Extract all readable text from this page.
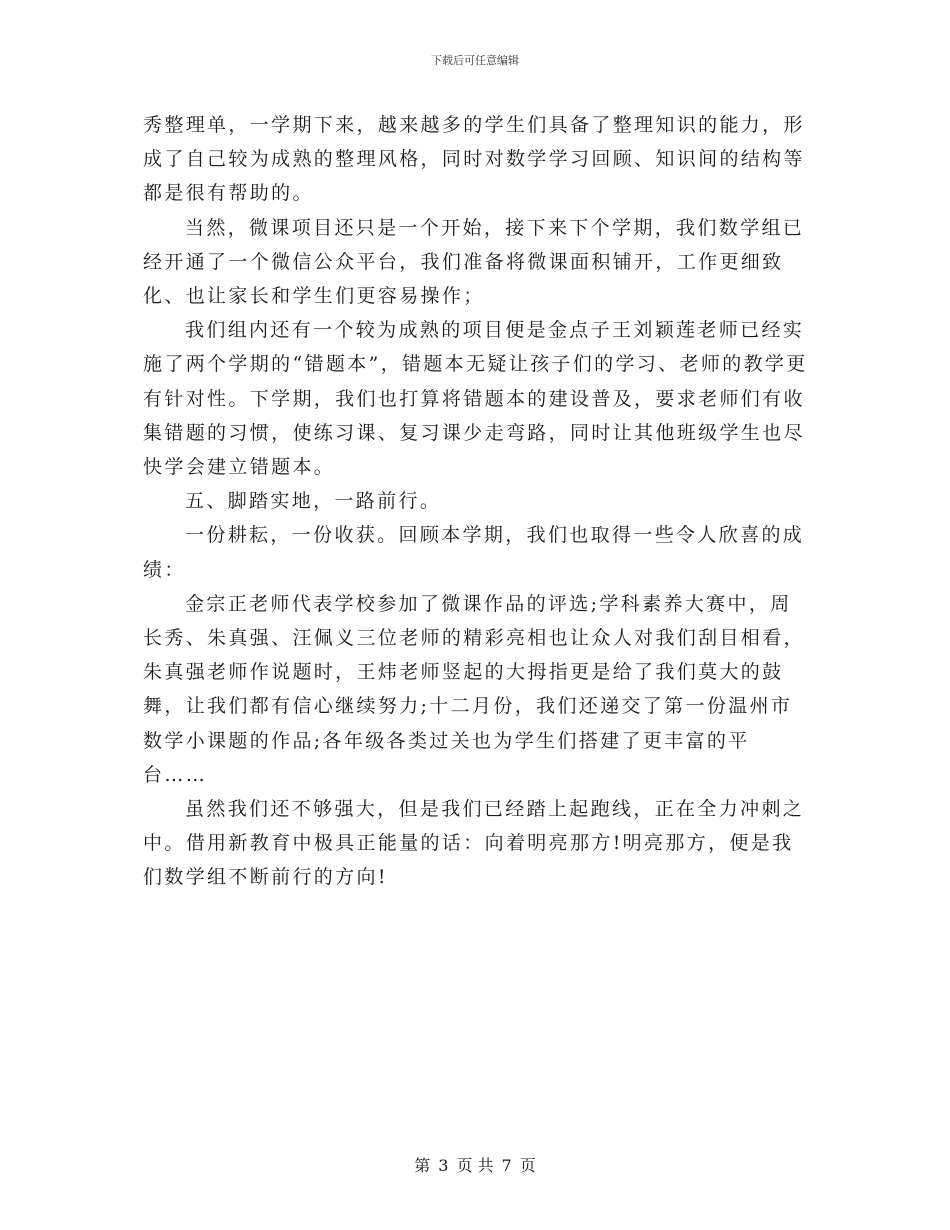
下载后可任意编辑

秀整理单，一学期下来，越来越多的学生们具备了整理知识的能力，形成了自己较为成熟的整理风格，同时对数学学习回顾、知识间的结构等都是很有帮助的。

当然，微课项目还只是一个开始，接下来下个学期，我们数学组已经开通了一个微信公众平台，我们准备将微课面积铺开，工作更细致化、也让家长和学生们更容易操作；

我们组内还有一个较为成熟的项目便是金点子王刘颖莲老师已经实施了两个学期的“错题本”，错题本无疑让孩子们的学习、老师的教学更有针对性。下学期，我们也打算将错题本的建设普及，要求老师们有收集错题的习惯，使练习课、复习课少走弯路，同时让其他班级学生也尽快学会建立错题本。

五、脚踏实地，一路前行。

一份耕耘，一份收获。回顾本学期，我们也取得一些令人欣喜的成绩：

金宗正老师代表学校参加了微课作品的评选;学科素养大赛中，周长秀、朱真强、汪佩义三位老师的精彩亮相也让众人对我们刮目相看，朱真强老师作说题时，王炜老师竖起的大拇指更是给了我们莫大的鼓舞，让我们都有信心继续努力;十二月份，我们还递交了第一份温州市数学小课题的作品;各年级各类过关也为学生们搭建了更丰富的平台……

虽然我们还不够强大，但是我们已经踏上起跑线，正在全力冲刺之中。借用新教育中极具正能量的话：向着明亮那方!明亮那方，便是我们数学组不断前行的方向!

第 3 页 共 7 页
